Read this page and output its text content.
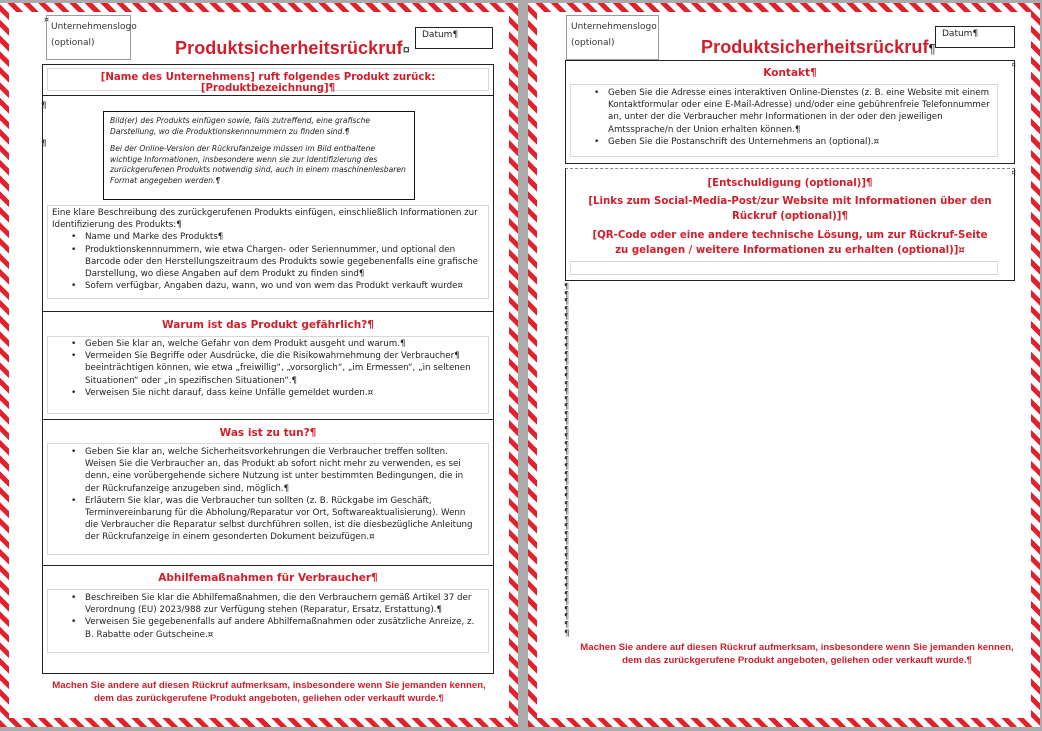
Unternehmenslogo (optional)
¤
Datum¶
Produktsicherheitsrückruf¤
[Name des Unternehmens] ruft folgendes Produkt zurück: [Produktbezeichnung]¶
¶
¶
Bild(er) des Produkts einfügen sowie, falls zutreffend, eine grafische Darstellung, wo die Produktionskennnummern zu finden sind.¶
Bei der Online-Version der Rückrufanzeige müssen im Bild enthaltene wichtige Informationen, insbesondere wenn sie zur Identifizierung des zurückgerufenen Produkts notwendig sind, auch in einem maschinenlesbaren Format angegeben werden.¶
Eine klare Beschreibung des zurückgerufenen Produkts einfügen, einschließlich Informationen zur Identifizierung des Produkts:¶
• Name und Marke des Produkts¶
• Produktionskennnummern, wie etwa Chargen- oder Seriennummer, und optional den Barcode oder den Herstellungszeitraum des Produkts sowie gegebenenfalls eine grafische Darstellung, wo diese Angaben auf dem Produkt zu finden sind¶
• Sofern verfügbar, Angaben dazu, wann, wo und von wem das Produkt verkauft wurde¤
Warum ist das Produkt gefährlich?¶
• Geben Sie klar an, welche Gefahr von dem Produkt ausgeht und warum.¶
• Vermeiden Sie Begriffe oder Ausdrücke, die die Risikowahrnehmung der Verbraucher¶ beeinträchtigen können, wie etwa „freiwillig“, „vorsorglich“, „im Ermessen“, „in seltenen Situationen“ oder „in spezifischen Situationen“.¶
• Verweisen Sie nicht darauf, dass keine Unfälle gemeldet wurden.¤
Was ist zu tun?¶
• Geben Sie klar an, welche Sicherheitsvorkehrungen die Verbraucher treffen sollten. Weisen Sie die Verbraucher an, das Produkt ab sofort nicht mehr zu verwenden, es sei denn, eine vorübergehende sichere Nutzung ist unter bestimmten Bedingungen, die in der Rückrufanzeige anzugeben sind, möglich.¶
• Erläutern Sie klar, was die Verbraucher tun sollten (z. B. Rückgabe im Geschäft, Terminvereinbarung für die Abholung/Reparatur vor Ort, Softwareaktualisierung). Wenn die Verbraucher die Reparatur selbst durchführen sollen, ist die diesbezügliche Anleitung der Rückrufanzeige in einem gesonderten Dokument beizufügen.¤
Abhilfemaßnahmen für Verbraucher¶
• Beschreiben Sie klar die Abhilfemaßnahmen, die den Verbrauchern gemäß Artikel 37 der Verordnung (EU) 2023/988 zur Verfügung stehen (Reparatur, Ersatz, Erstattung).¶
• Verweisen Sie gegebenenfalls auf andere Abhilfemaßnahmen oder zusätzliche Anreize, z. B. Rabatte oder Gutscheine.¤
Machen Sie andere auf diesen Rückruf aufmerksam, insbesondere wenn Sie jemanden kennen, dem das zurückgerufene Produkt angeboten, geliehen oder verkauft wurde.¶
Unternehmenslogo (optional)
Datum¶
Produktsicherheitsrückruf¶
Kontakt¶
• Geben Sie die Adresse eines interaktiven Online-Dienstes (z. B. eine Website mit einem Kontaktformular oder eine E-Mail-Adresse) und/oder eine gebührenfreie Telefonnummer an, unter der die Verbraucher mehr Informationen in der oder den jeweiligen Amtssprache/n der Union erhalten können.¶
• Geben Sie die Postanschrift des Unternehmens an (optional).¤
¤
[Entschuldigung (optional)]¶
[Links zum Social-Media-Post/zur Website mit Informationen über den Rückruf (optional)]¶
[QR-Code oder eine andere technische Lösung, um zur Rückruf-Seite zu gelangen / weitere Informationen zu erhalten (optional)]¤
¤
¶
¶
¶
¶
¶
¶
¶
¶
¶
¶
¶
¶
¶
¶
¶
¶
¶
¶
¶
¶
¶
¶
¶
¶
¶
¶
¶
¶
¶
¶
¶
¶
¶
¶
¶
¶
¶
¶
¶
¶
¶
¶
¶
¶
¶
¶
¶
Machen Sie andere auf diesen Rückruf aufmerksam, insbesondere wenn Sie jemanden kennen, dem das zurückgerufene Produkt angeboten, geliehen oder verkauft wurde.¶
